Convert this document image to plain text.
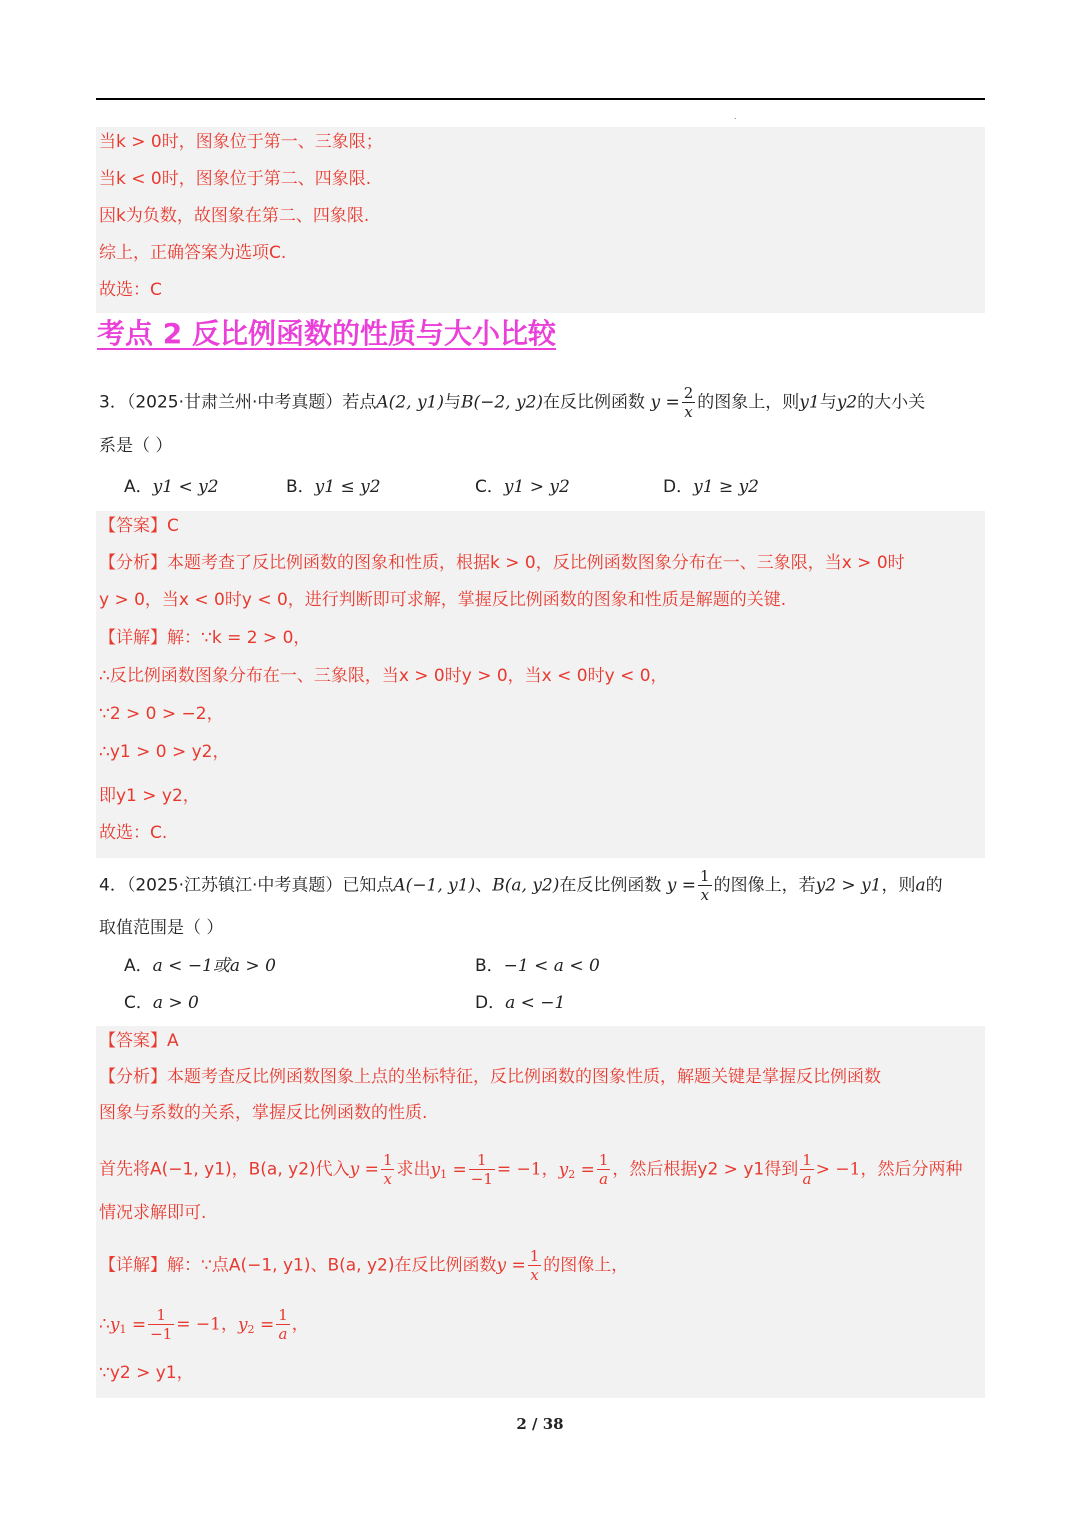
.
当k > 0时，图象位于第一、三象限；
当k < 0时，图象位于第二、四象限.
因k为负数，故图象在第二、四象限.
综上，正确答案为选项C.
故选：C
考点 2 反比例函数的性质与大小比较
3．（2025·甘肃兰州·中考真题）若点A(2, y1)与B(−2, y2)在反比例函数 $y = \frac{2}{x}$ 的图象上，则y1与y2的大小关
系是（ ）
A．y1 < y2	B．y1 ≤ y2	C．y1 > y2	D．y1 ≥ y2
【答案】C
【分析】本题考查了反比例函数的图象和性质，根据k > 0，反比例函数图象分布在一、三象限，当x > 0时
y > 0，当x < 0时y < 0，进行判断即可求解，掌握反比例函数的图象和性质是解题的关键.
【详解】解：∵k = 2 > 0，
∴反比例函数图象分布在一、三象限，当x > 0时y > 0，当x < 0时y < 0，
∵2 > 0 > −2，
∴y1 > 0 > y2，
即y1 > y2，
故选：C.
4．（2025·江苏镇江·中考真题）已知点A(−1, y1)、B(a, y2)在反比例函数 $y = \frac{1}{x}$ 的图像上，若y2 > y1，则a的
取值范围是（ ）
A．a < −1或a > 0	B．−1 < a < 0
C．a > 0	D．a < −1
【答案】A
【分析】本题考查反比例函数图象上点的坐标特征，反比例函数的图象性质，解题关键是掌握反比例函数
图象与系数的关系，掌握反比例函数的性质.
首先将A(−1, y1)，B(a, y2)代入$y = \frac{1}{x}$ 求出$y_1 = \frac{1}{-1} = -1$，$y_2 = \frac{1}{a}$ ，然后根据y2 > y1得到 $\frac{1}{a} > -1$，然后分两种
情况求解即可.
【详解】解：∵点A(−1, y1)、B(a, y2)在反比例函数$y = \frac{1}{x}$ 的图像上，
$\therefore y_1 = \frac{1}{-1} = -1$，$y_2 = \frac{1}{a}$ ，
∵y2 > y1，
2 / 38
